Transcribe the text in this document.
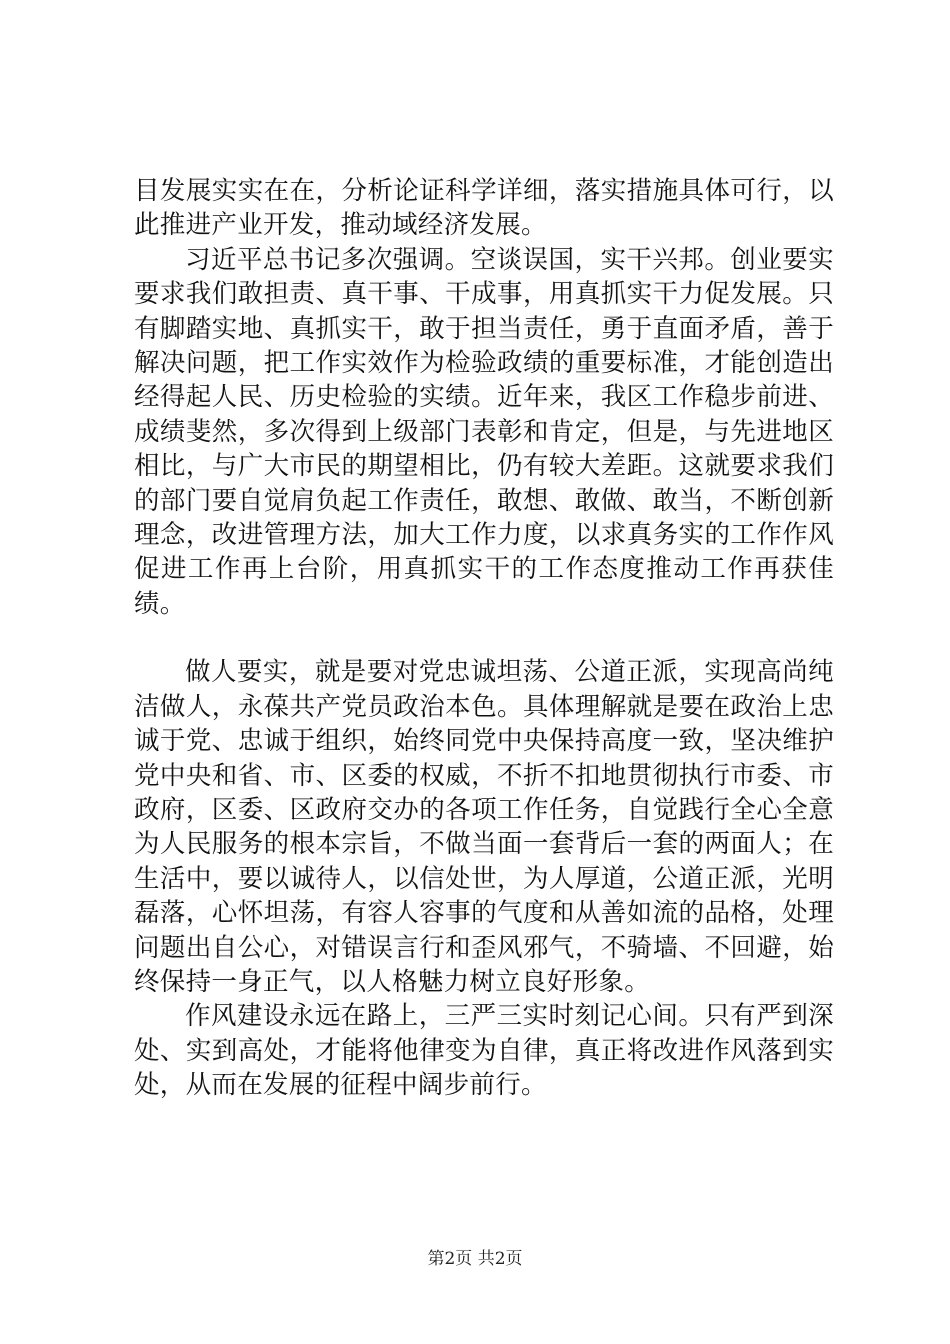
目发展实实在在，分析论证科学详细，落实措施具体可行，以此推进产业开发，推动域经济发展。

习近平总书记多次强调。空谈误国，实干兴邦。创业要实要求我们敢担责、真干事、干成事，用真抓实干力促发展。只有脚踏实地、真抓实干，敢于担当责任，勇于直面矛盾，善于解决问题，把工作实效作为检验政绩的重要标准，才能创造出经得起人民、历史检验的实绩。近年来，我区工作稳步前进、成绩斐然，多次得到上级部门表彰和肯定，但是，与先进地区相比，与广大市民的期望相比，仍有较大差距。这就要求我们的部门要自觉肩负起工作责任，敢想、敢做、敢当，不断创新理念，改进管理方法，加大工作力度，以求真务实的工作作风促进工作再上台阶，用真抓实干的工作态度推动工作再获佳绩。

做人要实，就是要对党忠诚坦荡、公道正派，实现高尚纯洁做人，永葆共产党员政治本色。具体理解就是要在政治上忠诚于党、忠诚于组织，始终同党中央保持高度一致，坚决维护党中央和省、市、区委的权威，不折不扣地贯彻执行市委、市政府，区委、区政府交办的各项工作任务，自觉践行全心全意为人民服务的根本宗旨，不做当面一套背后一套的两面人；在生活中，要以诚待人，以信处世，为人厚道，公道正派，光明磊落，心怀坦荡，有容人容事的气度和从善如流的品格，处理问题出自公心，对错误言行和歪风邪气，不骑墙、不回避，始终保持一身正气，以人格魅力树立良好形象。

作风建设永远在路上，三严三实时刻记心间。只有严到深处、实到高处，才能将他律变为自律，真正将改进作风落到实处，从而在发展的征程中阔步前行。

第2页 共2页
